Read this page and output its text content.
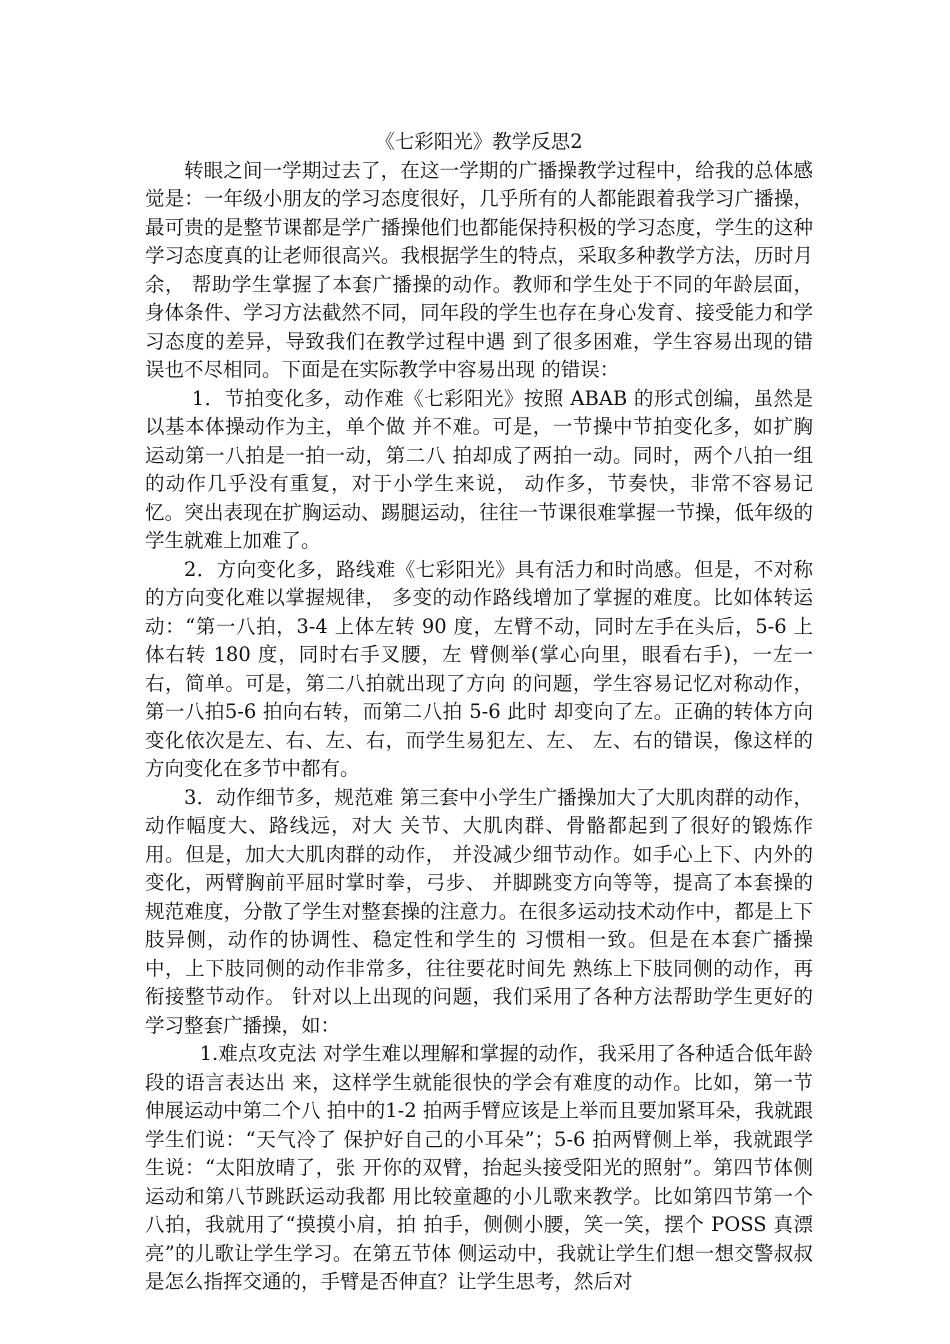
《七彩阳光》教学反思2

转眼之间一学期过去了，在这一学期的广播操教学过程中，给我的总体感觉是：一年级小朋友的学习态度很好，几乎所有的人都能跟着我学习广播操，最可贵的是整节课都是学广播操他们也都能保持积极的学习态度，学生的这种学习态度真的让老师很高兴。我根据学生的特点，采取多种教学方法，历时月余， 帮助学生掌握了本套广播操的动作。教师和学生处于不同的年龄层面，身体条件、学习方法截然不同，同年段的学生也存在身心发育、接受能力和学习态度的差异，导致我们在教学过程中遇 到了很多困难，学生容易出现的错误也不尽相同。下面是在实际教学中容易出现 的错误：

1．节拍变化多，动作难《七彩阳光》按照 ABAB 的形式创编，虽然是以基本体操动作为主，单个做 并不难。可是，一节操中节拍变化多，如扩胸运动第一八拍是一拍一动，第二八 拍却成了两拍一动。同时，两个八拍一组的动作几乎没有重复，对于小学生来说， 动作多，节奏快，非常不容易记忆。突出表现在扩胸运动、踢腿运动，往往一节课很难掌握一节操，低年级的学生就难上加难了。

2．方向变化多，路线难《七彩阳光》具有活力和时尚感。但是，不对称的方向变化难以掌握规律， 多变的动作路线增加了掌握的难度。比如体转运动：“第一八拍，3-4 上体左转 90 度，左臂不动，同时左手在头后，5-6 上体右转 180 度，同时右手叉腰，左 臂侧举(掌心向里，眼看右手)，一左一右，简单。可是，第二八拍就出现了方向 的问题，学生容易记忆对称动作，第一八拍5-6 拍向右转，而第二八拍 5-6 此时 却变向了左。正确的转体方向变化依次是左、右、左、右，而学生易犯左、左、 左、右的错误，像这样的方向变化在多节中都有。

3．动作细节多，规范难 第三套中小学生广播操加大了大肌肉群的动作，动作幅度大、路线远，对大 关节、大肌肉群、骨骼都起到了很好的锻炼作用。但是，加大大肌肉群的动作， 并没减少细节动作。如手心上下、内外的变化，两臂胸前平屈时掌时拳，弓步、 并脚跳变方向等等，提高了本套操的规范难度，分散了学生对整套操的注意力。在很多运动技术动作中，都是上下肢异侧，动作的协调性、稳定性和学生的 习惯相一致。但是在本套广播操中，上下肢同侧的动作非常多，往往要花时间先 熟练上下肢同侧的动作，再衔接整节动作。 针对以上出现的问题，我们采用了各种方法帮助学生更好的学习整套广播操，如：

1.难点攻克法 对学生难以理解和掌握的动作，我采用了各种适合低年龄段的语言表达出 来，这样学生就能很快的学会有难度的动作。比如，第一节伸展运动中第二个八 拍中的1-2 拍两手臂应该是上举而且要加紧耳朵，我就跟学生们说：“天气冷了 保护好自己的小耳朵”；5-6 拍两臂侧上举，我就跟学生说：“太阳放晴了，张 开你的双臂，抬起头接受阳光的照射”。第四节体侧运动和第八节跳跃运动我都 用比较童趣的小儿歌来教学。比如第四节第一个八拍，我就用了“摸摸小肩，拍 拍手，侧侧小腰，笑一笑，摆个 POSS 真漂亮”的儿歌让学生学习。在第五节体 侧运动中，我就让学生们想一想交警叔叔是怎么指挥交通的，手臂是否伸直？让学生思考，然后对
